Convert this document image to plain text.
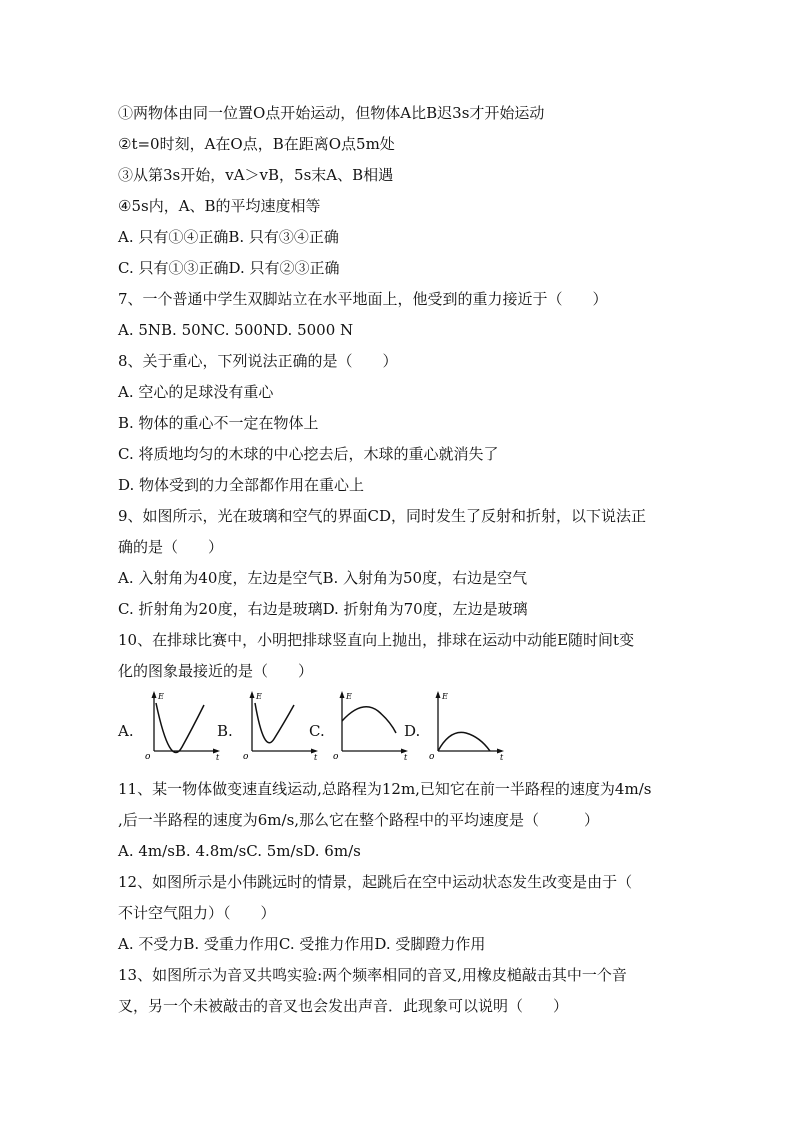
①两物体由同一位置O点开始运动，但物体A比B迟3s才开始运动
②t=0时刻，A在O点，B在距离O点5m处
③从第3s开始，vA＞vB，5s末A、B相遇
④5s内，A、B的平均速度相等
A. 只有①④正确B. 只有③④正确
C. 只有①③正确D. 只有②③正确
7、一个普通中学生双脚站立在水平地面上，他受到的重力接近于（　　）
A. 5NB. 50NC. 500ND. 5000 N
8、关于重心，下列说法正确的是（　　）
A. 空心的足球没有重心
B. 物体的重心不一定在物体上
C. 将质地均匀的木球的中心挖去后，木球的重心就消失了
D. 物体受到的力全部都作用在重心上
9、如图所示，光在玻璃和空气的界面CD，同时发生了反射和折射，以下说法正
确的是（　　）
A. 入射角为40度，左边是空气B. 入射角为50度，右边是空气
C. 折射角为20度，右边是玻璃D. 折射角为70度，左边是玻璃
10、在排球比赛中，小明把排球竖直向上抛出，排球在运动中动能E随时间t变
化的图象最接近的是（　　）
A.
E
o	t
B.
E
o	t
C.
E
o	t
D.
E
o	t
11、某一物体做变速直线运动,总路程为12m,已知它在前一半路程的速度为4m/s
,后一半路程的速度为6m/s,那么它在整个路程中的平均速度是（　　　）
A. 4m/sB. 4.8m/sC. 5m/sD. 6m/s
12、如图所示是小伟跳远时的情景，起跳后在空中运动状态发生改变是由于（
不计空气阻力）（　　）
A. 不受力B. 受重力作用C. 受推力作用D. 受脚蹬力作用
13、如图所示为音叉共鸣实验:两个频率相同的音叉,用橡皮槌敲击其中一个音
叉，另一个未被敲击的音叉也会发出声音．此现象可以说明（　　）
